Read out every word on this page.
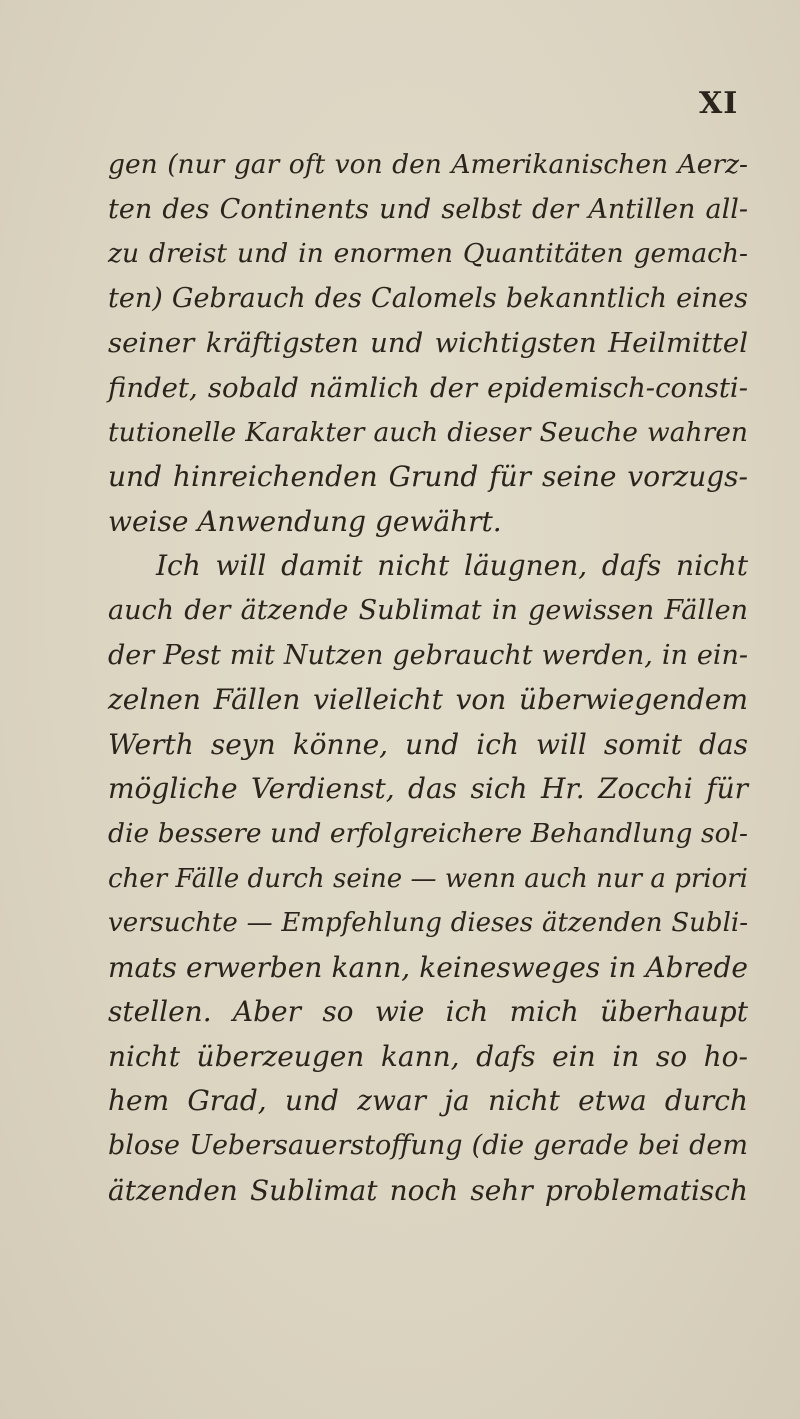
XI
gen (nur gar oft von den Amerikanischen Aerz-
ten des Continents und selbst der Antillen all-
zu dreist und in enormen Quantitäten gemach-
ten) Gebrauch des Calomels bekanntlich eines
seiner kräftigsten und wichtigsten Heilmittel
findet, sobald nämlich der epidemisch-consti-
tutionelle Karakter auch dieser Seuche wahren
und hinreichenden Grund für seine vorzugs-
weise Anwendung gewährt.
Ich will damit nicht läugnen, dafs nicht
auch der ätzende Sublimat in gewissen Fällen
der Pest mit Nutzen gebraucht werden, in ein-
zelnen Fällen vielleicht von überwiegendem
Werth seyn könne, und ich will somit das
mögliche Verdienst, das sich Hr. Zocchi für
die bessere und erfolgreichere Behandlung sol-
cher Fälle durch seine — wenn auch nur a priori
versuchte — Empfehlung dieses ätzenden Subli-
mats erwerben kann, keinesweges in Abrede
stellen. Aber so wie ich mich überhaupt
nicht überzeugen kann, dafs ein in so ho-
hem Grad, und zwar ja nicht etwa durch
blose Uebersauerstoffung (die gerade bei dem
ätzenden Sublimat noch sehr problematisch
